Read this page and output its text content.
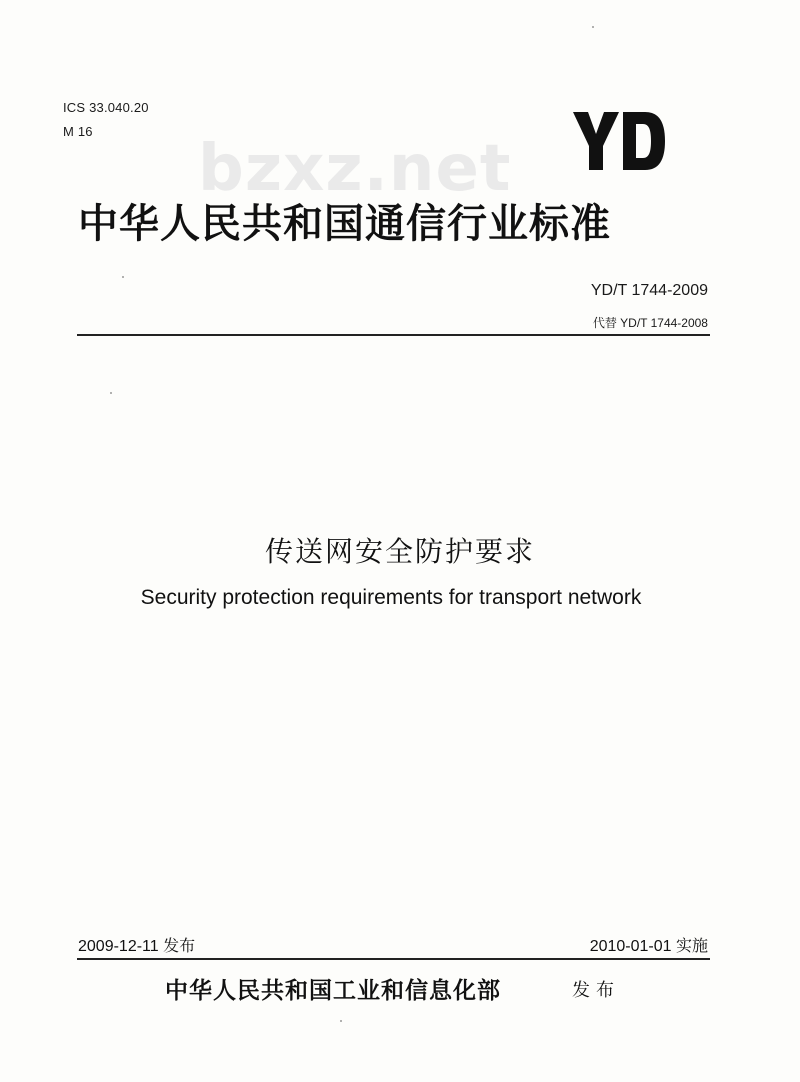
ICS 33.040.20
M 16
bzxz.net
中华人民共和国通信行业标准
YD/T 1744-2009
代替 YD/T 1744-2008
传送网安全防护要求
Security protection requirements for transport network
2009-12-11 发布	2010-01-01 实施
中华人民共和国工业和信息化部	发布
